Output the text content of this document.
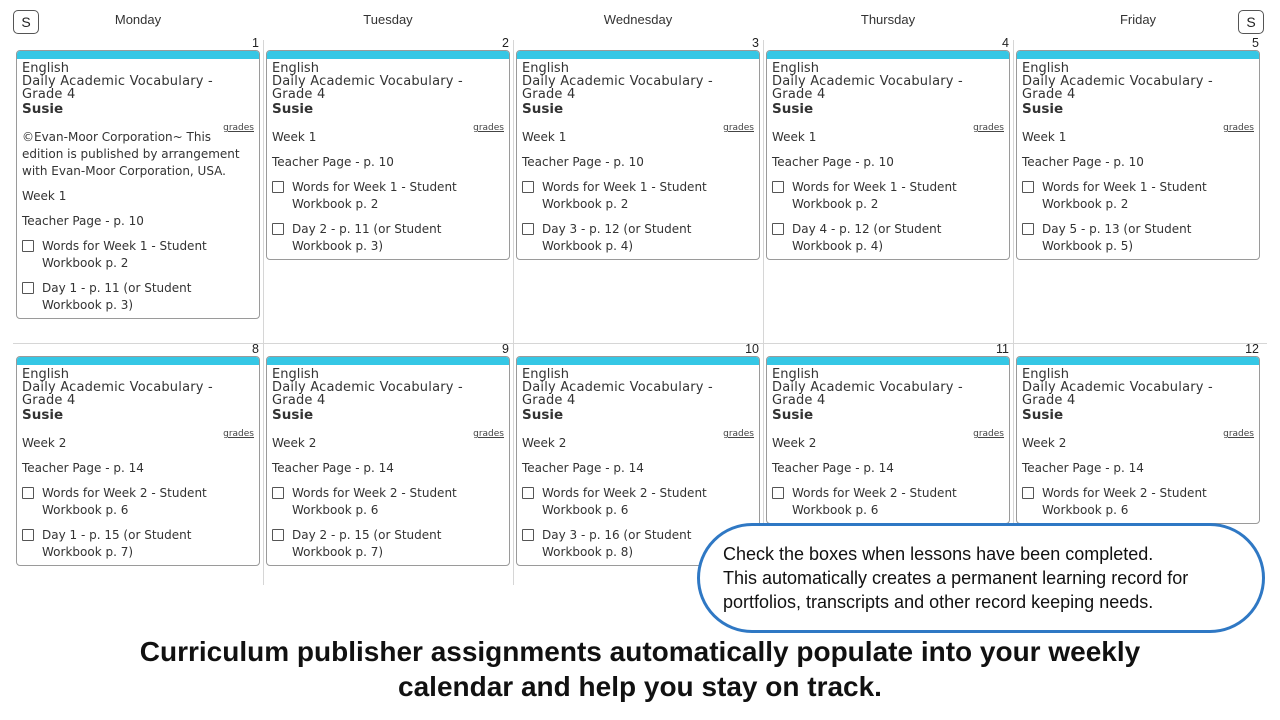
S	S
Monday	Tuesday	Wednesday	Thursday	Friday
1
English
Daily Academic Vocabulary -
Grade 4
Susie
grades
©Evan-Moor Corporation~ This edition is published by arrangement with Evan-Moor Corporation, USA.
Week 1
Teacher Page - p. 10
Words for Week 1 - Student Workbook p. 2
Day 1 - p. 11 (or Student Workbook p. 3)
2
English
Daily Academic Vocabulary -
Grade 4
Susie
grades
Week 1
Teacher Page - p. 10
Words for Week 1 - Student Workbook p. 2
Day 2 - p. 11 (or Student Workbook p. 3)
3
English
Daily Academic Vocabulary -
Grade 4
Susie
grades
Week 1
Teacher Page - p. 10
Words for Week 1 - Student Workbook p. 2
Day 3 - p. 12 (or Student Workbook p. 4)
4
English
Daily Academic Vocabulary -
Grade 4
Susie
grades
Week 1
Teacher Page - p. 10
Words for Week 1 - Student Workbook p. 2
Day 4 - p. 12 (or Student Workbook p. 4)
5
English
Daily Academic Vocabulary -
Grade 4
Susie
grades
Week 1
Teacher Page - p. 10
Words for Week 1 - Student Workbook p. 2
Day 5 - p. 13 (or Student Workbook p. 5)
8
English
Daily Academic Vocabulary -
Grade 4
Susie
grades
Week 2
Teacher Page - p. 14
Words for Week 2 - Student Workbook p. 6
Day 1 - p. 15 (or Student Workbook p. 7)
9
English
Daily Academic Vocabulary -
Grade 4
Susie
grades
Week 2
Teacher Page - p. 14
Words for Week 2 - Student Workbook p. 6
Day 2 - p. 15 (or Student Workbook p. 7)
10
English
Daily Academic Vocabulary -
Grade 4
Susie
grades
Week 2
Teacher Page - p. 14
Words for Week 2 - Student Workbook p. 6
Day 3 - p. 16 (or Student Workbook p. 8)
11
English
Daily Academic Vocabulary -
Grade 4
Susie
grades
Week 2
Teacher Page - p. 14
Words for Week 2 - Student Workbook p. 6
12
English
Daily Academic Vocabulary -
Grade 4
Susie
grades
Week 2
Teacher Page - p. 14
Words for Week 2 - Student Workbook p. 6
Check the boxes when lessons have been completed.
This automatically creates a permanent learning record for
portfolios, transcripts and other record keeping needs.
Curriculum publisher assignments automatically populate into your weekly
calendar and help you stay on track.
